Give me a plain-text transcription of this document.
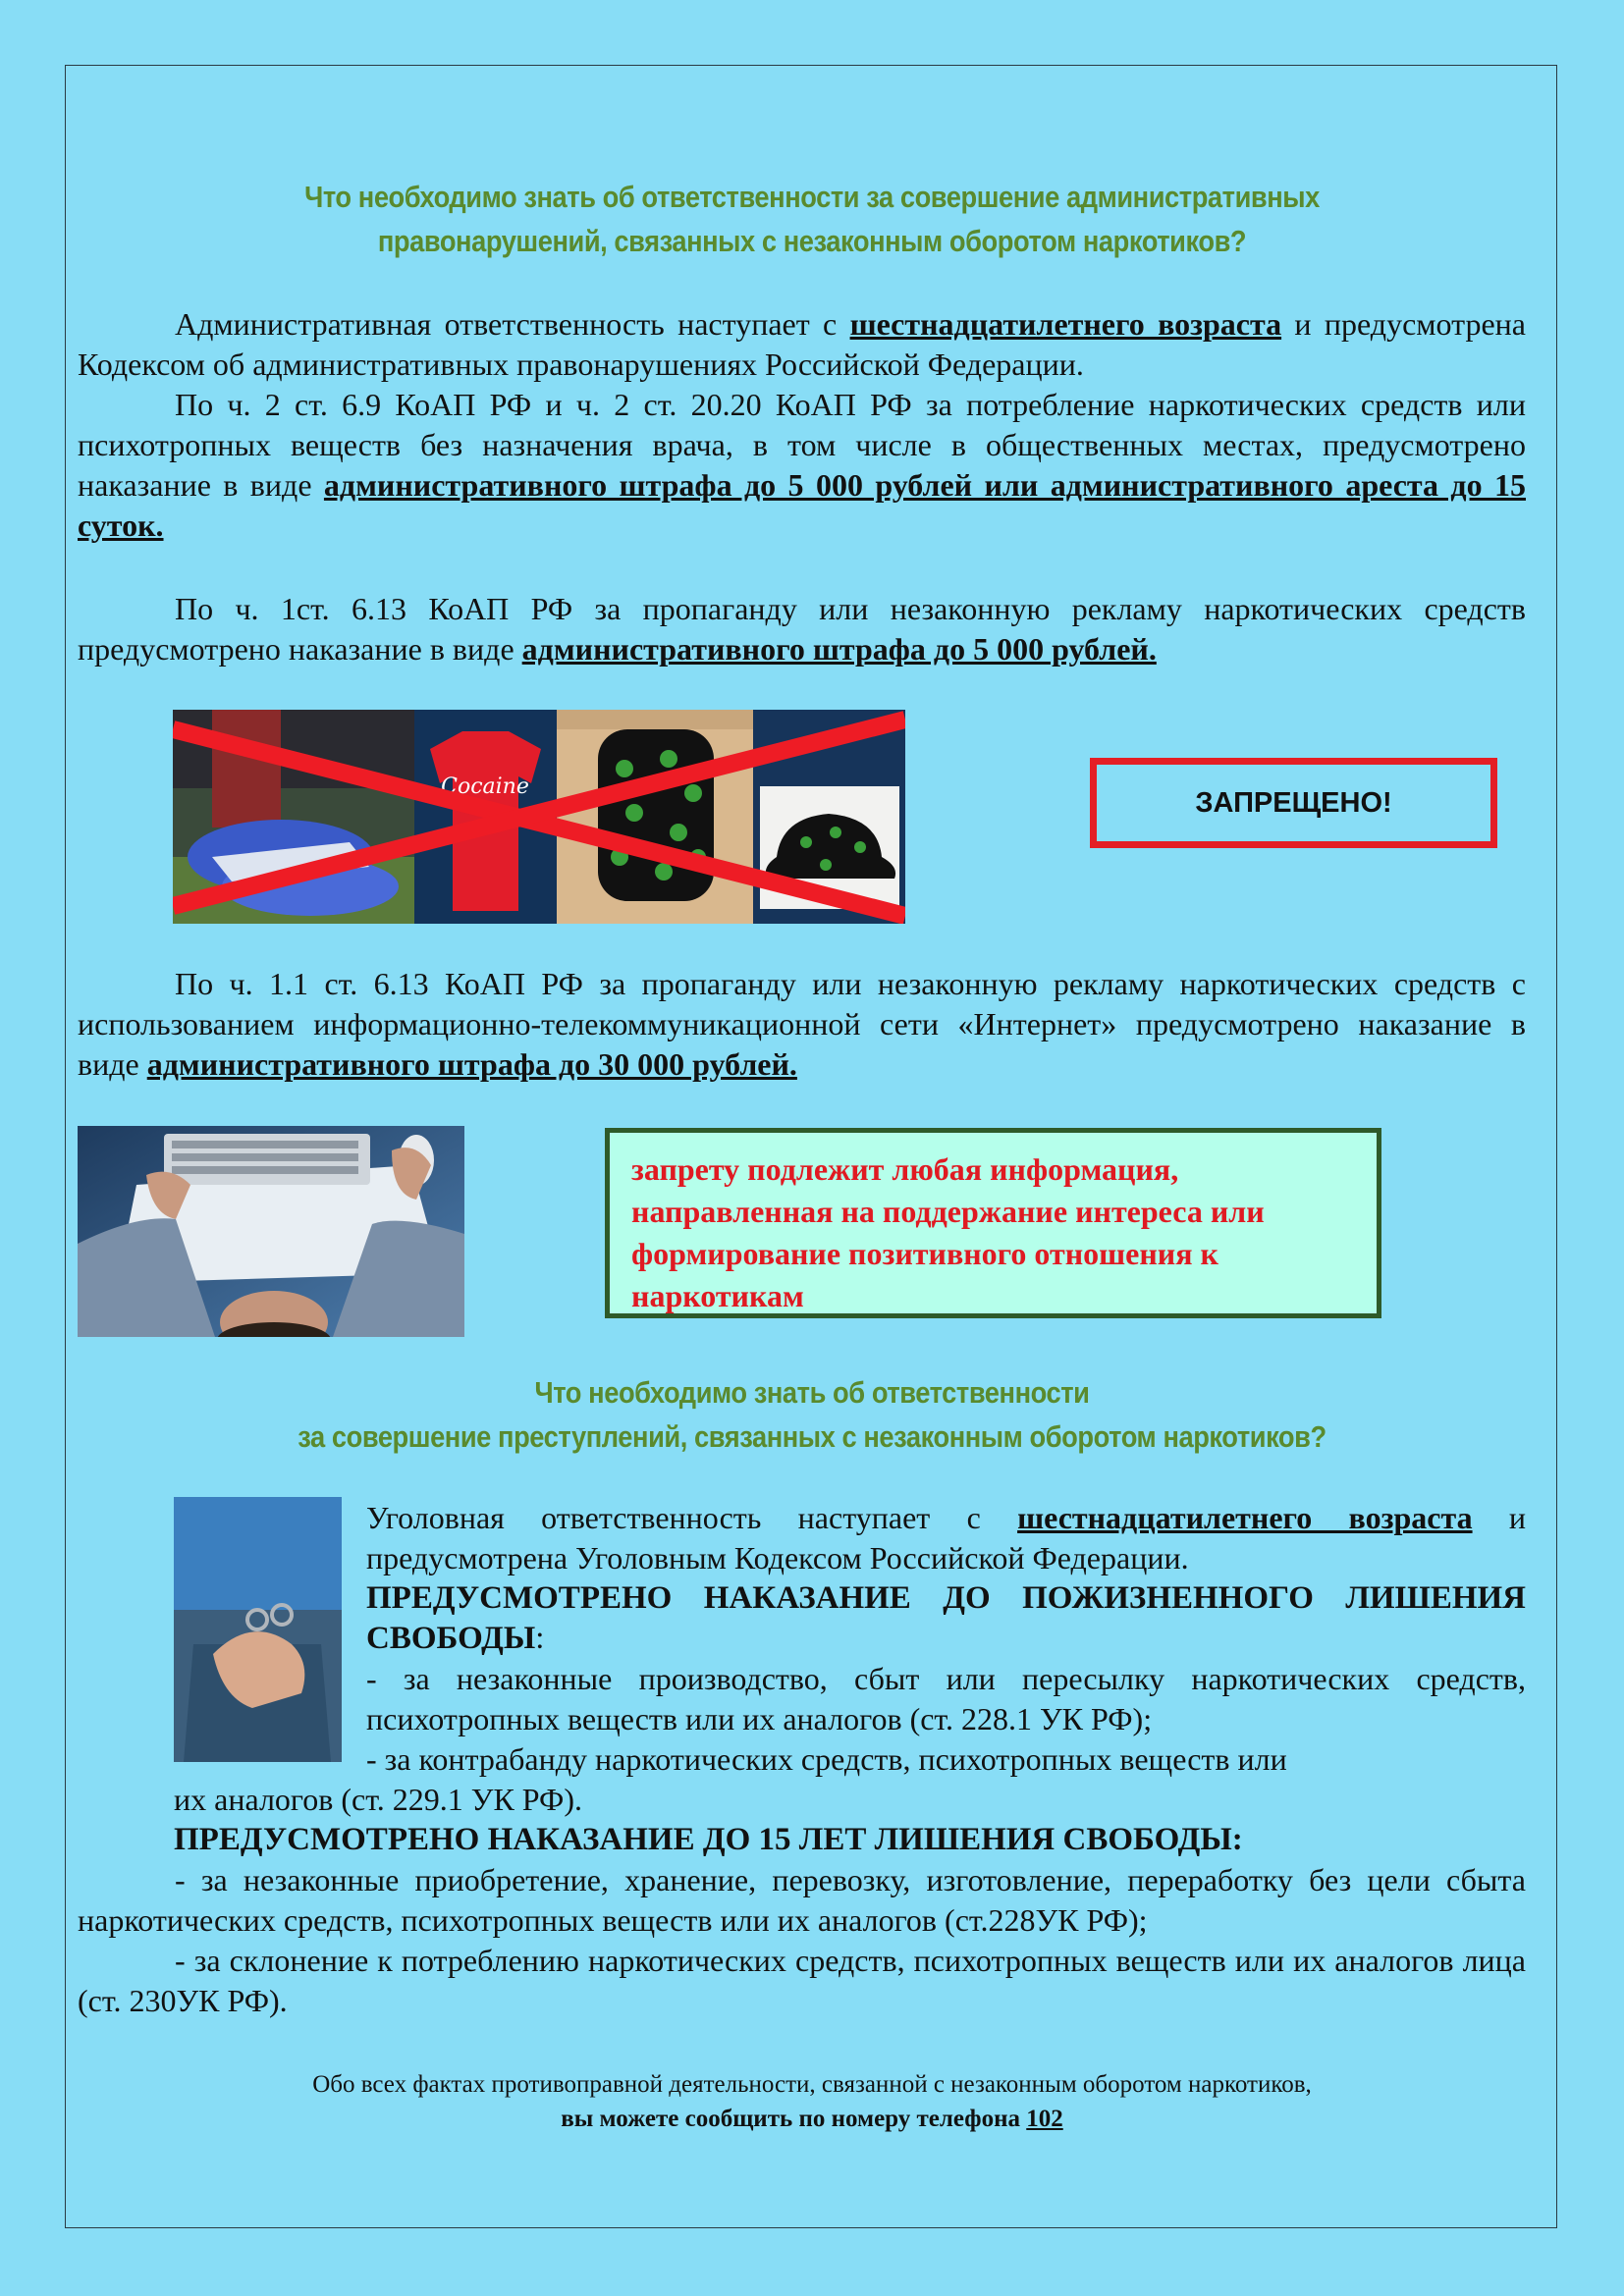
Что необходимо знать об ответственности за совершение административных
правонарушений, связанных с незаконным оборотом наркотиков?
Административная ответственность наступает с шестнадцатилетнего возраста и предусмотрена Кодексом об административных правонарушениях Российской Федерации.
По ч. 2 ст. 6.9 КоАП РФ и ч. 2 ст. 20.20 КоАП РФ за потребление наркотических средств или психотропных веществ без назначения врача, в том числе в общественных местах, предусмотрено наказание в виде административного штрафа до 5 000 рублей или административного ареста до 15 суток.
По ч. 1ст. 6.13 КоАП РФ за пропаганду или незаконную рекламу наркотических средств предусмотрено наказание в виде административного штрафа до 5 000 рублей.
Cocaine	ЗАПРЕЩЕНО!
По ч. 1.1 ст. 6.13 КоАП РФ за пропаганду или незаконную рекламу наркотических средств с использованием информационно-телекоммуникационной сети «Интернет» предусмотрено наказание в виде административного штрафа до 30 000 рублей.
запрету подлежит любая информация, направленная на поддержание интереса или формирование позитивного отношения к наркотикам
Что необходимо знать об ответственности
за совершение преступлений, связанных с незаконным оборотом наркотиков?
Уголовная ответственность наступает с шестнадцатилетнего возраста и предусмотрена Уголовным Кодексом Российской Федерации.
ПРЕДУСМОТРЕНО НАКАЗАНИЕ ДО ПОЖИЗНЕННОГО ЛИШЕНИЯ СВОБОДЫ:
- за незаконные производство, сбыт или пересылку наркотических средств, психотропных веществ или их аналогов (ст. 228.1 УК РФ);
- за контрабанду наркотических средств, психотропных веществ или
их аналогов (ст. 229.1 УК РФ).
ПРЕДУСМОТРЕНО НАКАЗАНИЕ ДО 15 ЛЕТ ЛИШЕНИЯ СВОБОДЫ:
- за незаконные приобретение, хранение, перевозку, изготовление, переработку без цели сбыта наркотических средств, психотропных веществ или их аналогов (ст.228УК РФ);
- за склонение к потреблению наркотических средств, психотропных веществ или их аналогов лица (ст. 230УК РФ).
Обо всех фактах противоправной деятельности, связанной с незаконным оборотом наркотиков,
вы можете сообщить по номеру телефона 102
